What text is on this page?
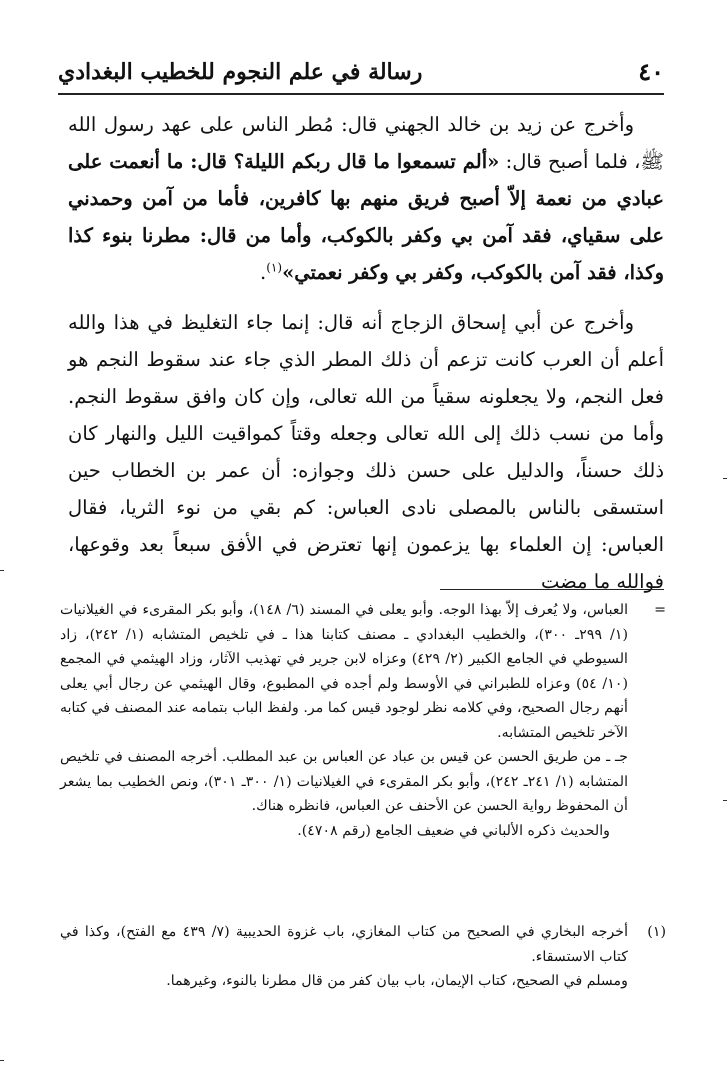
٤٠
رسالة في علم النجوم للخطيب البغدادي

وأخرج عن زيد بن خالد الجهني قال: مُطر الناس على عهد رسول الله ﷺ، فلما أصبح قال: «ألم تسمعوا ما قال ربكم الليلة؟ قال: ما أنعمت على عبادي من نعمة إلاّ أصبح فريق منهم بها كافرين، فأما من آمن وحمدني على سقياي، فقد آمن بي وكفر بالكوكب، وأما من قال: مطرنا بنوء كذا وكذا، فقد آمن بالكوكب، وكفر بي وكفر نعمتي»$^{(١)}$.

وأخرج عن أبي إسحاق الزجاج أنه قال: إنما جاء التغليظ في هذا والله أعلم أن العرب كانت تزعم أن ذلك المطر الذي جاء عند سقوط النجم هو فعل النجم، ولا يجعلونه سقياً من الله تعالى، وإن كان وافق سقوط النجم. وأما من نسب ذلك إلى الله تعالى وجعله وقتاً كمواقيت الليل والنهار كان ذلك حسناً، والدليل على حسن ذلك وجوازه: أن عمر بن الخطاب حين استسقى بالناس بالمصلى نادى العباس: كم بقي من نوء الثريا، فقال العباس: إن العلماء بها يزعمون إنها تعترض في الأفق سبعاً بعد وقوعها، فوالله ما مضت

=

العباس، ولا يُعرف إلاّ بهذا الوجه. وأبو يعلى في المسند (٦/ ١٤٨)، وأبو بكر المقرىء في الغيلانيات (١/ ٢٩٩ـ ٣٠٠)، والخطيب البغدادي ـ مصنف كتابنا هذا ـ في تلخيص المتشابه (١/ ٢٤٢)، زاد السيوطي في الجامع الكبير (٢/ ٤٢٩) وعزاه لابن جرير في تهذيب الآثار، وزاد الهيثمي في المجمع (١٠/ ٥٤) وعزاه للطبراني في الأوسط ولم أجده في المطبوع، وقال الهيثمي عن رجال أبي يعلى أنهم رجال الصحيح، وفي كلامه نظر لوجود قيس كما مر. ولفظ الباب بتمامه عند المصنف في كتابه الآخر تلخيص المتشابه.

جـ ـ من طريق الحسن عن قيس بن عباد عن العباس بن عبد المطلب. أخرجه المصنف في تلخيص المتشابه (١/ ٢٤١ـ ٢٤٢)، وأبو بكر المقرىء في الغيلانيات (١/ ٣٠٠ـ ٣٠١)، ونص الخطيب بما يشعر أن المحفوظ رواية الحسن عن الأحنف عن العباس، فانظره هناك.

والحديث ذكره الألباني في ضعيف الجامع (رقم ٤٧٠٨).

(١)

أخرجه البخاري في الصحيح من كتاب المغازي، باب غزوة الحديبية (٧/ ٤٣٩ مع الفتح)، وكذا في كتاب الاستسقاء.

ومسلم في الصحيح، كتاب الإيمان، باب بيان كفر من قال مطرنا بالنوء، وغيرهما.
